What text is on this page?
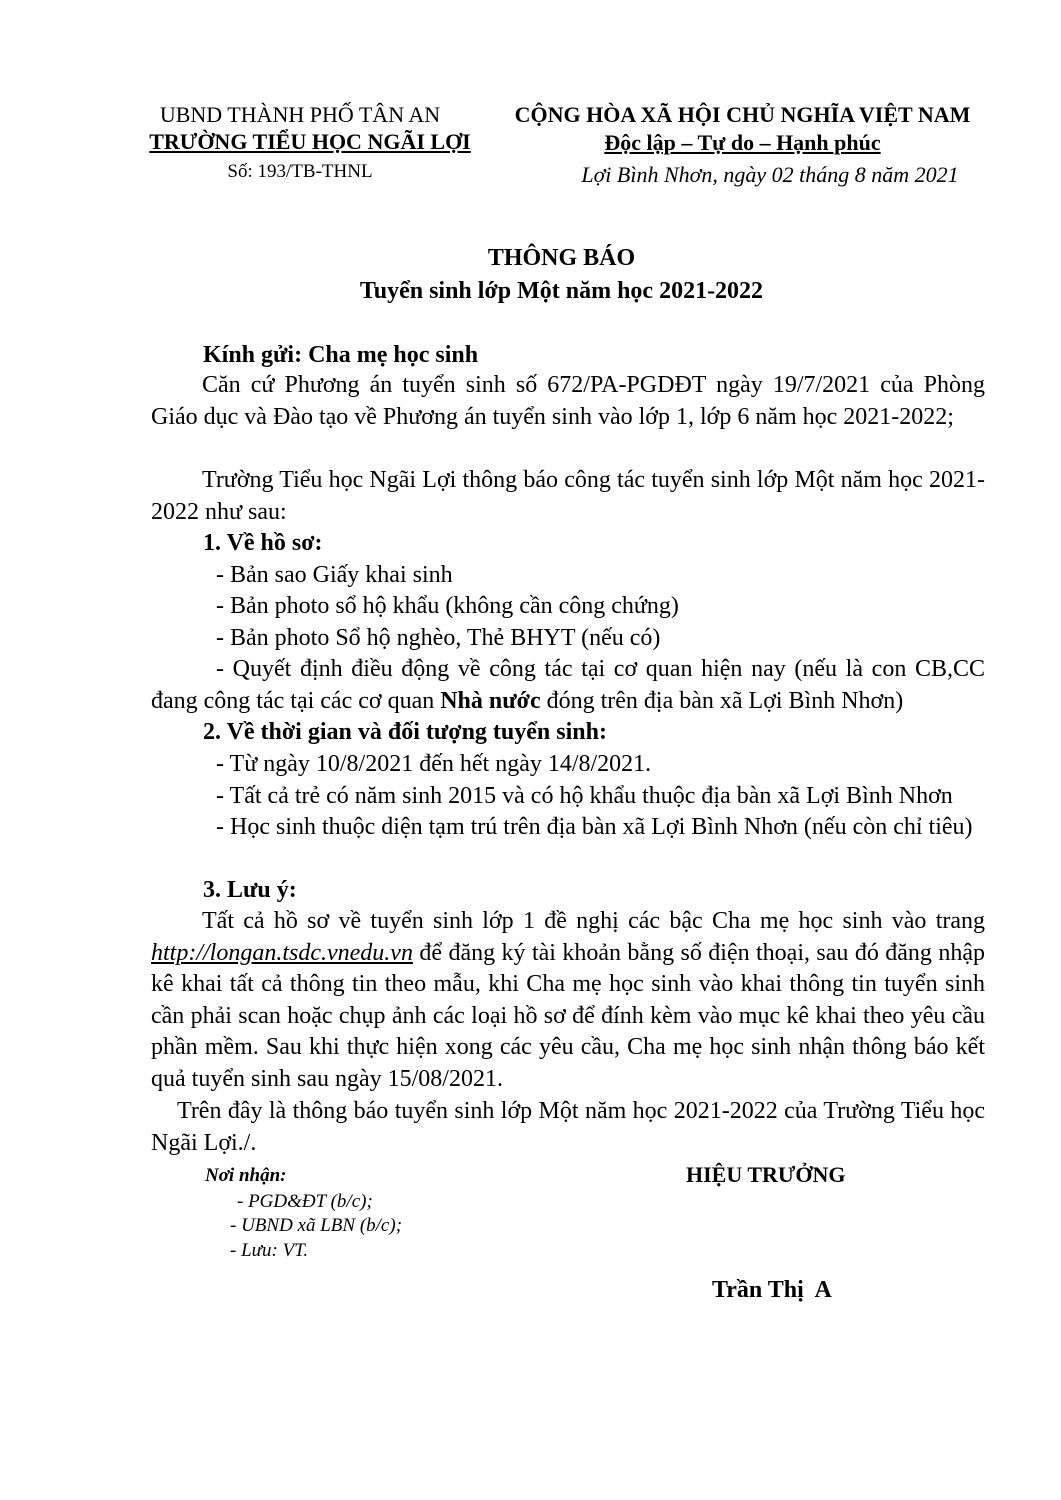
UBND THÀNH PHỐ TÂN AN
TRƯỜNG TIỂU HỌC NGÃI LỢI
Số: 193/TB-THNL
CỘNG HÒA XÃ HỘI CHỦ NGHĨA VIỆT NAM
Độc lập – Tự do – Hạnh phúc
Lợi Bình Nhơn, ngày 02 tháng 8 năm 2021
THÔNG BÁO
Tuyển sinh lớp Một năm học 2021-2022
Kính gửi: Cha mẹ học sinh
Căn cứ Phương án tuyển sinh số 672/PA-PGDĐT ngày 19/7/2021 của Phòng Giáo dục và Đào tạo về Phương án tuyển sinh vào lớp 1, lớp 6 năm học 2021-2022;
Trường Tiểu học Ngãi Lợi thông báo công tác tuyển sinh lớp Một năm học 2021-2022 như sau:
1. Về hồ sơ:
- Bản sao Giấy khai sinh
- Bản photo sổ hộ khẩu (không cần công chứng)
- Bản photo Sổ hộ nghèo, Thẻ BHYT (nếu có)
- Quyết định điều động về công tác tại cơ quan hiện nay (nếu là con CB,CC đang công tác tại các cơ quan Nhà nước đóng trên địa bàn xã Lợi Bình Nhơn)
2. Về thời gian và đối tượng tuyển sinh:
- Từ ngày 10/8/2021 đến hết ngày 14/8/2021.
- Tất cả trẻ có năm sinh 2015 và có hộ khẩu thuộc địa bàn xã Lợi Bình Nhơn
- Học sinh thuộc diện tạm trú trên địa bàn xã Lợi Bình Nhơn (nếu còn chỉ tiêu)
3. Lưu ý:
Tất cả hồ sơ về tuyển sinh lớp 1 đề nghị các bậc Cha mẹ học sinh vào trang http://longan.tsdc.vnedu.vn để đăng ký tài khoản bằng số điện thoại, sau đó đăng nhập kê khai tất cả thông tin theo mẫu, khi Cha mẹ học sinh vào khai thông tin tuyển sinh cần phải scan hoặc chụp ảnh các loại hồ sơ để đính kèm vào mục kê khai theo yêu cầu phần mềm. Sau khi thực hiện xong các yêu cầu, Cha mẹ học sinh nhận thông báo kết quả tuyển sinh sau ngày 15/08/2021.
Trên đây là thông báo tuyển sinh lớp Một năm học 2021-2022 của Trường Tiểu học Ngãi Lợi./.
Nơi nhận:
- PGD&ĐT (b/c);
- UBND xã LBN (b/c);
- Lưu: VT.
HIỆU TRƯỞNG
Trần Thị  A
